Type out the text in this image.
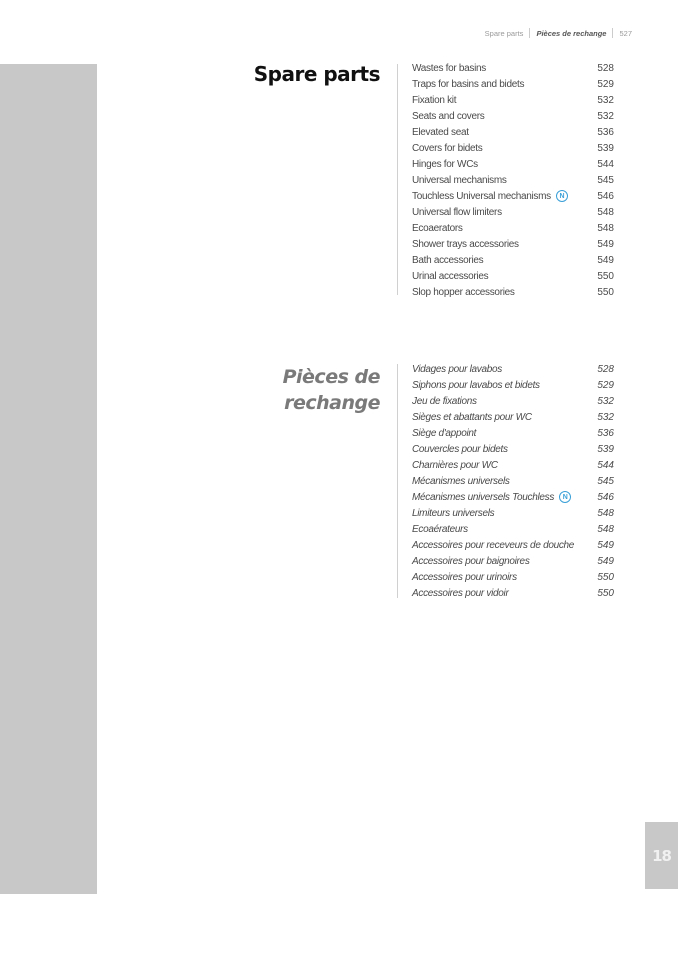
Spare parts Pièces de rechange 527
18
Spare parts
Pièces de
rechange
Wastes for basins	528
Traps for basins and bidets	529
Fixation kit	532
Seats and covers	532
Elevated seat	536
Covers for bidets	539
Hinges for WCs	544
Universal mechanisms	545
Touchless Universal mechanisms	N	546
Universal flow limiters	548
Ecoaerators	548
Shower trays accessories	549
Bath accessories	549
Urinal accessories	550
Slop hopper accessories	550
Vidages pour lavabos	528
Siphons pour lavabos et bidets	529
Jeu de fixations	532
Sièges et abattants pour WC	532
Siège d'appoint	536
Couvercles pour bidets	539
Charnières pour WC	544
Mécanismes universels	545
Mécanismes universels Touchless	N	546
Limiteurs universels	548
Ecoaérateurs	548
Accessoires pour receveurs de douche 549
Accessoires pour baignoires	549
Accessoires pour urinoirs	550
Accessoires pour vidoir	550
